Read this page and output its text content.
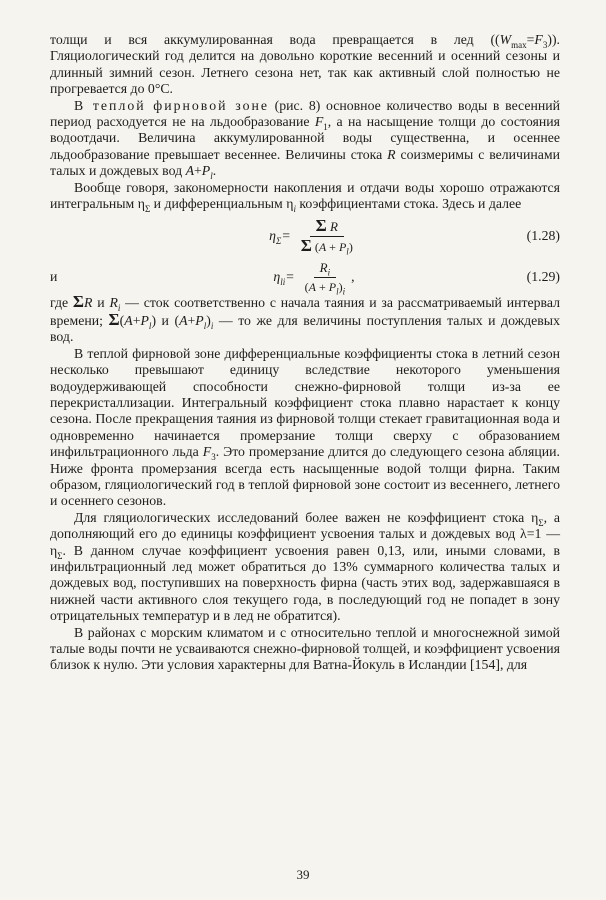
толщи и вся аккумулированная вода превращается в лед $((W_{max}=F_3))$. Гляциологический год делится на довольно короткие весенний и осенний сезоны и длинный зимний сезон. Летнего сезона нет, так как активный слой полностью не прогревается до 0°С.

В теплой фирновой зоне (рис. 8) основное количество воды в весенний период расходуется не на льдообразование $F_1$, а на насыщение толщи до состояния водоотдачи. Величина аккумулированной воды существенна, и осеннее льдообразование превышает весеннее. Величины стока R соизмеримы с величинами талых и дождевых вод $A+P_l$.

Вообще говоря, закономерности накопления и отдачи воды хорошо отражаются интегральным $\eta_\Sigma$ и дифференциальным $\eta_i$ коэффициентами стока. Здесь и далее

$\eta_\Sigma= \frac{\text{Σ R}}{\Sigma (A + P_l)}$	(1.28)
и	$\eta_{li}= \frac{R_i}{(A + P_l)_i}$ ,	(1.29)

где ΣR и $R_i$ — сток соответственно с начала таяния и за рассматриваемый интервал времени; $\Sigma(A+P_l)$ и $(A+P_l)_i$ — то же для величины поступления талых и дождевых вод.

В теплой фирновой зоне дифференциальные коэффициенты стока в летний сезон несколько превышают единицу вследствие некоторого уменьшения водоудерживающей способности снежно-фирновой толщи из-за ее перекристаллизации. Интегральный коэффициент стока плавно нарастает к концу сезона. После прекращения таяния из фирновой толщи стекает гравитационная вода и одновременно начинается промерзание толщи сверху с образованием инфильтрационного льда $F_3$. Это промерзание длится до следующего сезона абляции. Ниже фронта промерзания всегда есть насыщенные водой толщи фирна. Таким образом, гляциологический год в теплой фирновой зоне состоит из весеннего, летнего и осеннего сезонов.

Для гляциологических исследований более важен не коэффициент стока $\eta_\Sigma$, а дополняющий его до единицы коэффициент усвоения талых и дождевых вод λ=1 — $\eta_\Sigma$. В данном случае коэффициент усвоения равен 0,13, или, иными словами, в инфильтрационный лед может обратиться до 13% суммарного количества талых и дождевых вод, поступивших на поверхность фирна (часть этих вод, задержавшаяся в нижней части активного слоя текущего года, в последующий год не попадет в зону отрицательных температур и в лед не обратится).

В районах с морским климатом и с относительно теплой и многоснежной зимой талые воды почти не усваиваются снежно-фирновой толщей, и коэффициент усвоения близок к нулю. Эти условия характерны для Ватна-Йокуль в Исландии [154], для

39
